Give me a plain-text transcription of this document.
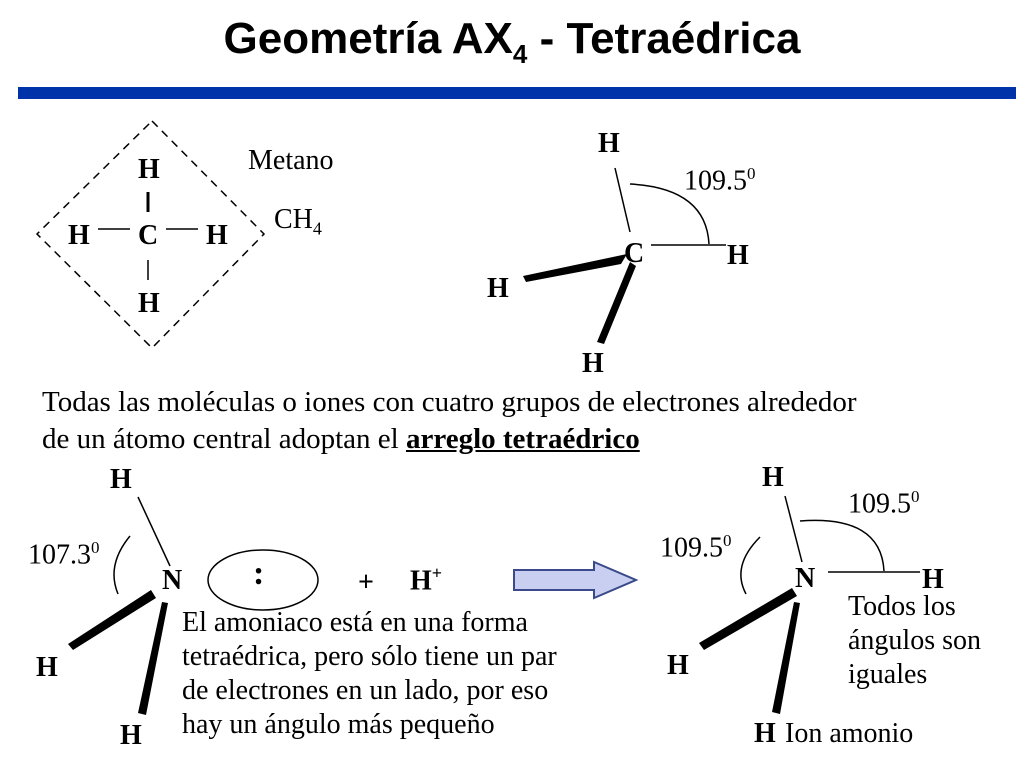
Geometría $AX_4$ - Tetraédrica
H
H C H
H
Metano
$CH_4$
H
C	H
H
H
109.5$^0$
Todas las moléculas o iones con cuatro grupos de electrones alrededor
de un átomo central adoptan el arreglo tetraédrico
H
107.3$^0$
N :	+ H+
H
H
El amoniaco está en una forma
tetraédrica, pero sólo tiene un par
de electrones en un lado, por eso
hay un ángulo más pequeño
H
109.5$^0$
109.5$^0$
N	H
H
H
Todos los
ángulos son
iguales
Ion amonio
